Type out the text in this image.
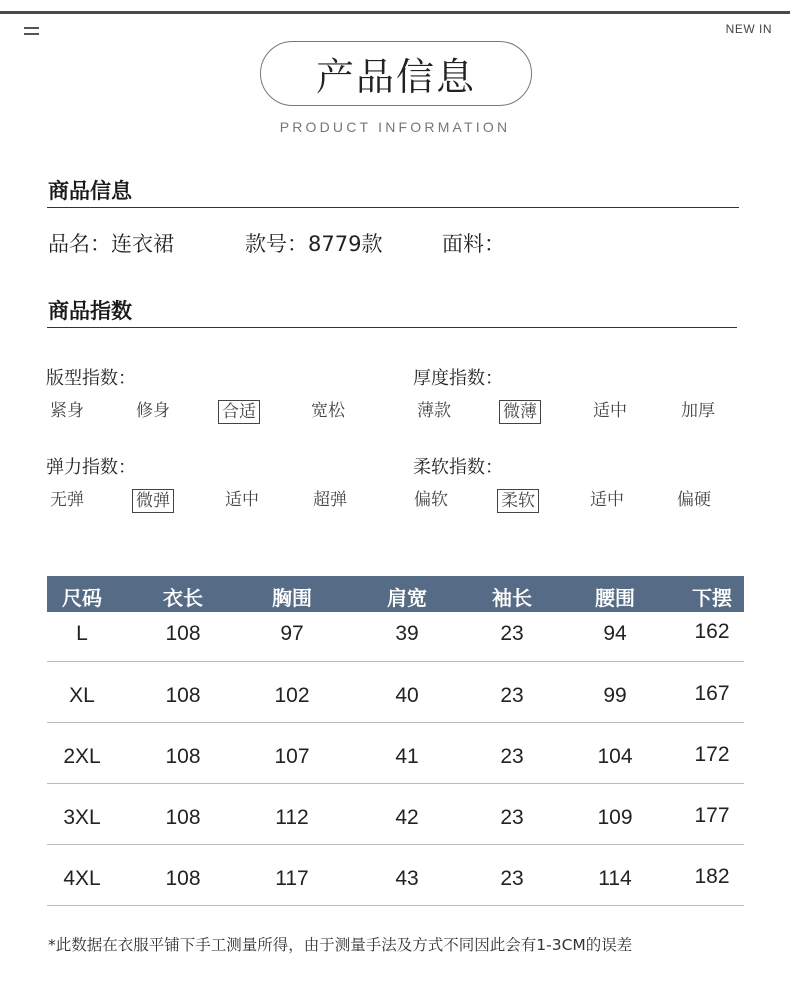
NEW IN
产品信息
PRODUCT INFORMATION
商品信息
品名：连衣裙	款号：8779款	面料：
商品指数
版型指数：
紧身	修身	合适	宽松
厚度指数：
薄款	微薄	适中	加厚
弹力指数：
无弹	微弹	适中	超弹
柔软指数：
偏软	柔软	适中	偏硬
尺码	衣长	胸围	肩宽	袖长	腰围	下摆
L	108	97	39	23	94	162
XL	108	102	40	23	99	167
2XL	108	107	41	23	104	172
3XL	108	112	42	23	109	177
4XL	108	117	43	23	114	182
*此数据在衣服平铺下手工测量所得，由于测量手法及方式不同因此会有1-3CM的误差
